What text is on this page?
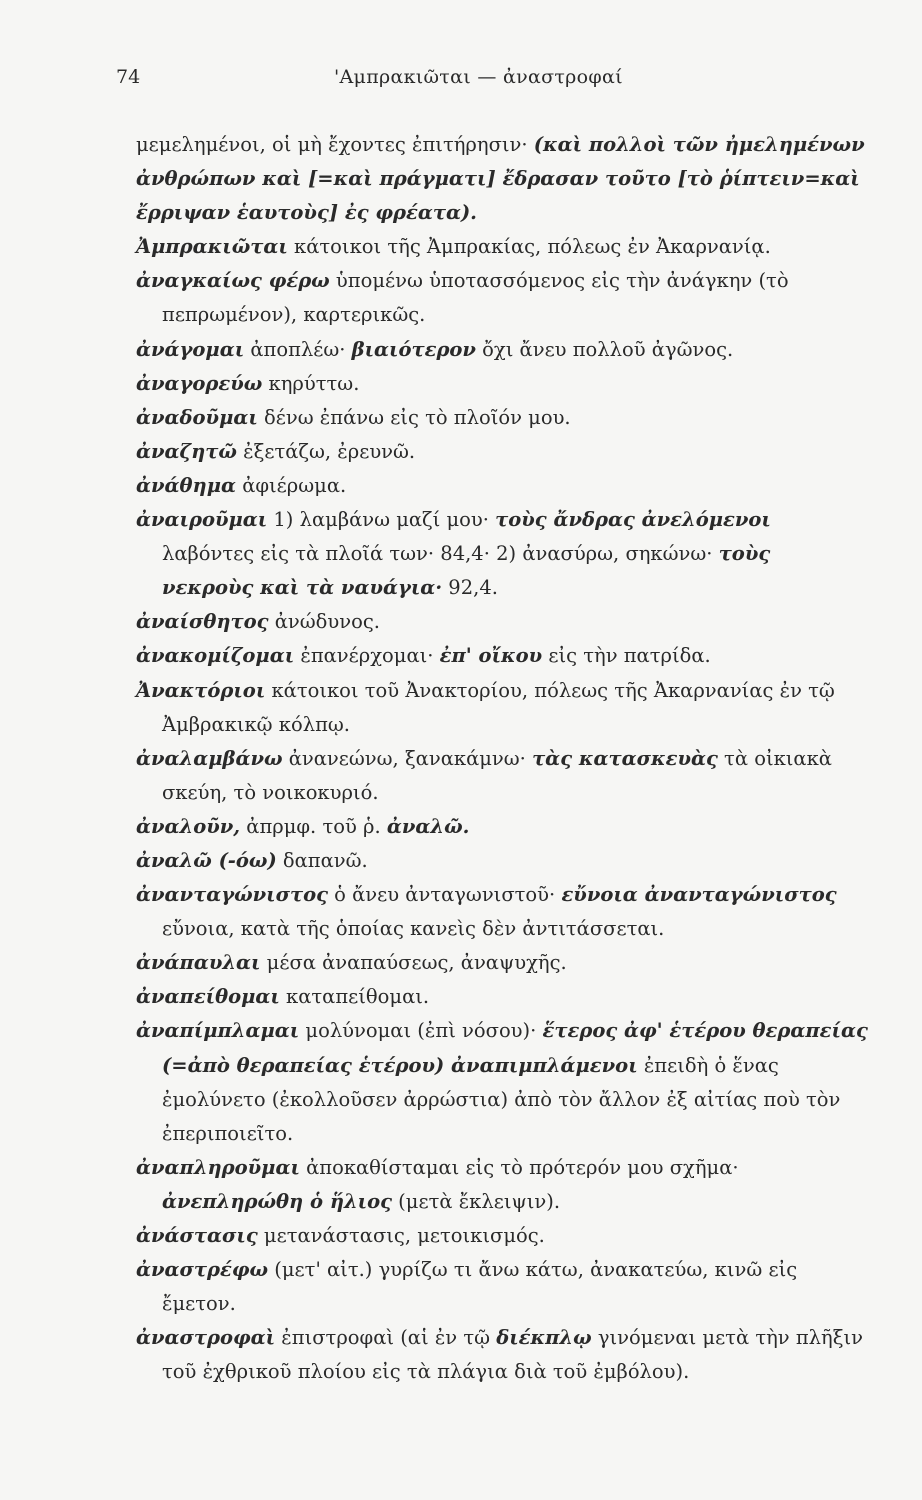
74	'Αμπρακιῶται — ἀναστροφαί

μεμελημένοι, οἱ μὴ ἔχοντες ἐπιτήρησιν· (καὶ πολλοὶ τῶν ἠμελημένων ἀνθρώπων καὶ [=καὶ πράγματι] ἔδρασαν τοῦτο [τὸ ῥίπτειν=καὶ ἔρριψαν ἑαυτοὺς] ἐς φρέατα).

Ἀμπρακιῶται κάτοικοι τῆς Ἀμπρακίας, πόλεως ἐν Ἀκαρνανίᾳ.

ἀναγκαίως φέρω ὑπομένω ὑποτασσόμενος εἰς τὴν ἀνάγκην (τὸ πεπρωμένον), καρτερικῶς.

ἀνάγομαι ἀποπλέω· βιαιότερον ὄχι ἄνευ πολλοῦ ἀγῶνος.

ἀναγορεύω κηρύττω.

ἀναδοῦμαι δένω ἐπάνω εἰς τὸ πλοῖόν μου.

ἀναζητῶ ἐξετάζω, ἐρευνῶ.

ἀνάθημα ἀφιέρωμα.

ἀναιροῦμαι 1) λαμβάνω μαζί μου· τοὺς ἄνδρας ἀνελόμενοι λαβόντες εἰς τὰ πλοῖά των· 84,4· 2) ἀνασύρω, σηκώνω· τοὺς νεκροὺς καὶ τὰ ναυάγια· 92,4.

ἀναίσθητος ἀνώδυνος.

ἀνακομίζομαι ἐπανέρχομαι· ἐπ' οἴκου εἰς τὴν πατρίδα.

Ἀνακτόριοι κάτοικοι τοῦ Ἀνακτορίου, πόλεως τῆς Ἀκαρνανίας ἐν τῷ Ἀμβρακικῷ κόλπῳ.

ἀναλαμβάνω ἀνανεώνω, ξανακάμνω· τὰς κατασκευὰς τὰ οἰκιακὰ σκεύη, τὸ νοικοκυριό.

ἀναλοῦν, ἀπρμφ. τοῦ ῥ. ἀναλῶ.

ἀναλῶ (-όω) δαπανῶ.

ἀνανταγώνιστος ὁ ἄνευ ἀνταγωνιστοῦ· εὔνοια ἀνανταγώνιστος εὔνοια, κατὰ τῆς ὁποίας κανεὶς δὲν ἀντιτάσσεται.

ἀνάπαυλαι μέσα ἀναπαύσεως, ἀναψυχῆς.

ἀναπείθομαι καταπείθομαι.

ἀναπίμπλαμαι μολύνομαι (ἐπὶ νόσου)· ἕτερος ἀφ' ἑτέρου θεραπείας (=ἀπὸ θεραπείας ἑτέρου) ἀναπιμπλάμενοι ἐπειδὴ ὁ ἕνας ἐμολύνετο (ἐκολλοῦσεν ἀρρώστια) ἀπὸ τὸν ἄλλον ἐξ αἰτίας ποὺ τὸν ἐπεριποιεῖτο.

ἀναπληροῦμαι ἀποκαθίσταμαι εἰς τὸ πρότερόν μου σχῆμα· ἀνεπληρώθη ὁ ἥλιος (μετὰ ἔκλειψιν).

ἀνάστασις μετανάστασις, μετοικισμός.

ἀναστρέφω (μετ' αἰτ.) γυρίζω τι ἄνω κάτω, ἀνακατεύω, κινῶ εἰς ἔμετον.

ἀναστροφαὶ ἐπιστροφαὶ (αἱ ἐν τῷ διέκπλῳ γινόμεναι μετὰ τὴν πλῆξιν τοῦ ἐχθρικοῦ πλοίου εἰς τὰ πλάγια διὰ τοῦ ἐμβόλου).
